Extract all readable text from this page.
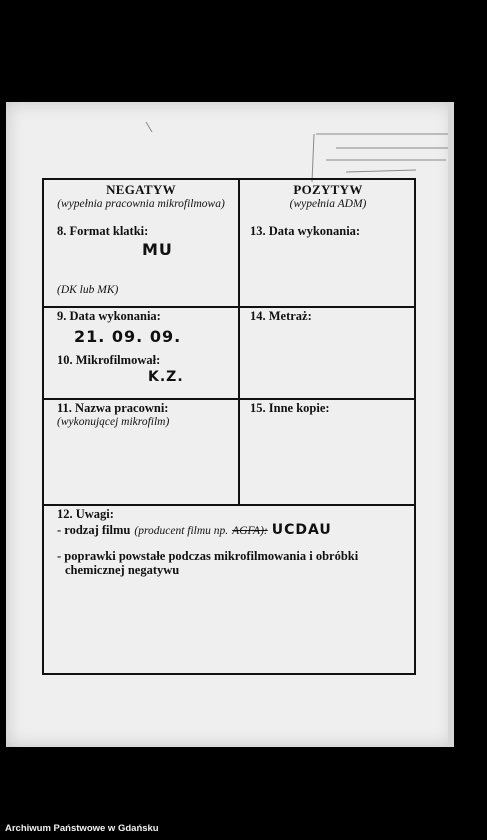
NEGATYW
(wypełnia pracownia mikrofilmowa)
8. Format klatki:
MU
(DK lub MK)
POZYTYW
(wypełnia ADM)
13. Data wykonania:
9. Data wykonania:
21. 09. 09.
10. Mikrofilmował:
K.Z.
14. Metraż:
11. Nazwa pracowni:
(wykonującej mikrofilm)
15. Inne kopie:
12. Uwagi:
- rodzaj filmu (producent filmu np. AGFA): UCDAU
- poprawki powstałe podczas mikrofilmowania i obróbki
chemicznej negatywu
Archiwum Państwowe w Gdańsku
